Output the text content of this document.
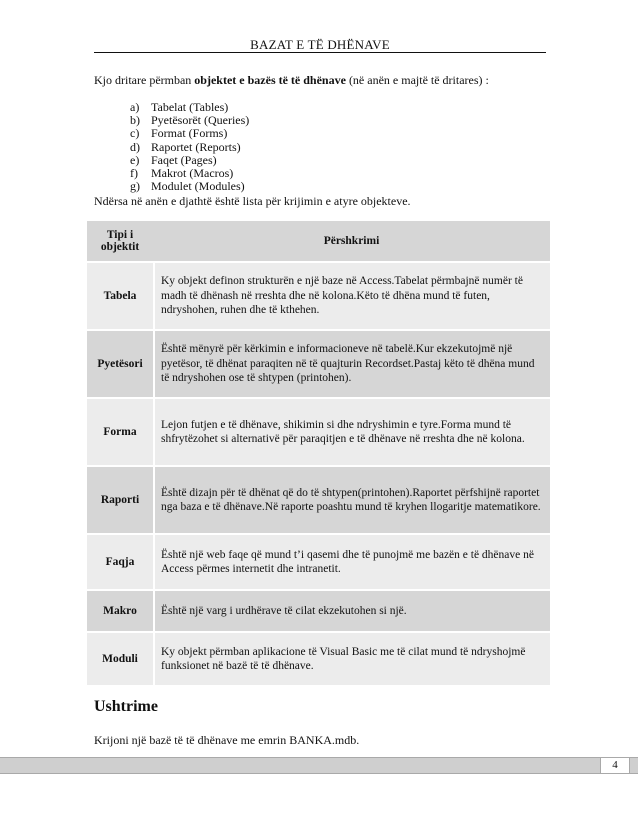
BAZAT E TË DHËNAVE

Kjo dritare përmban objektet e bazës të të dhënave (në anën e majtë të dritares) :

a) Tabelat (Tables)
b) Pyetësorët (Queries)
c) Format (Forms)
d) Raportet (Reports)
e) Faqet (Pages)
f)	Makrot (Macros)
g) Modulet (Modules)
Ndërsa në anën e djathtë është lista për krijimin e atyre objekteve.
Tipi i objektit	Përshkrimi
Tabela	Ky objekt definon strukturën e një baze në Access.Tabelat përmbajnë numër të madh të dhënash në rreshta dhe në kolona.Këto të dhëna mund të futen, ndryshohen, ruhen dhe të kthehen.
Pyetësori	Është mënyrë për kërkimin e informacioneve në tabelë.Kur ekzekutojmë një pyetësor, të dhënat paraqiten në të quajturin Recordset.Pastaj këto të dhëna mund të ndryshohen ose të shtypen (printohen).
Forma	Lejon futjen e të dhënave, shikimin si dhe ndryshimin e tyre.Forma mund të shfrytëzohet si alternativë për paraqitjen e të dhënave në rreshta dhe në kolona.
Raporti	Është dizajn për të dhënat që do të shtypen(printohen).Raportet përfshijnë raportet nga baza e të dhënave.Në raporte poashtu mund të kryhen llogaritje matematikore.
Faqja	Është një web faqe që mund t’i qasemi dhe të punojmë me bazën e të dhënave në Access përmes internetit dhe intranetit.
Makro	Është një varg i urdhërave të cilat ekzekutohen si një.
Moduli	Ky objekt përmban aplikacione të Visual Basic me të cilat mund të ndryshojmë funksionet në bazë të të dhënave.
Ushtrime
Krijoni një bazë të të dhënave me emrin BANKA.mdb.
4
